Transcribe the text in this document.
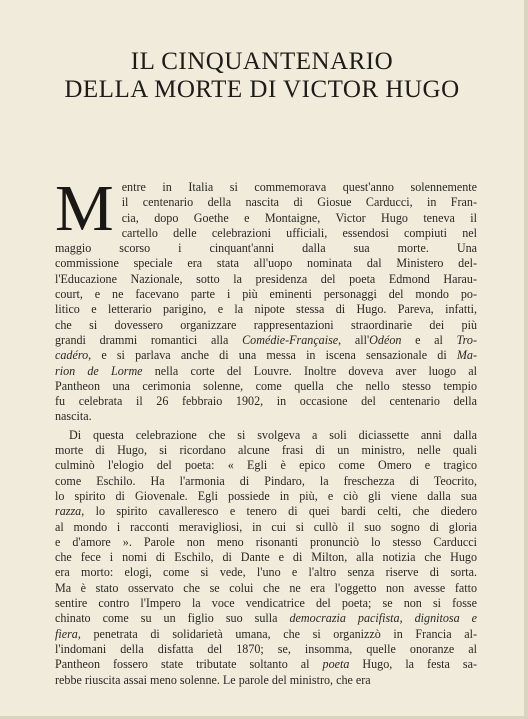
IL CINQUANTENARIO
DELLA MORTE DI VICTOR HUGO
M entre in Italia si commemorava quest'anno solennemente
il centenario della nascita di Giosue Carducci, in Fran-
cia, dopo Goethe e Montaigne, Victor Hugo teneva il
cartello delle celebrazioni ufficiali, essendosi compiuti nel
maggio scorso i cinquant'anni dalla sua morte. Una
commissione speciale era stata all'uopo nominata dal Ministero del-
l'Educazione Nazionale, sotto la presidenza del poeta Edmond Harau-
court, e ne facevano parte i più eminenti personaggi del mondo po-
litico e letterario parigino, e la nipote stessa di Hugo. Pareva, infatti,
che si dovessero organizzare rappresentazioni straordinarie dei più
grandi drammi romantici alla Comédie-Française, all'Odéon e al Tro-
cadéro, e si parlava anche di una messa in iscena sensazionale di Ma-
rion de Lorme nella corte del Louvre. Inoltre doveva aver luogo al
Pantheon una cerimonia solenne, come quella che nello stesso tempio
fu celebrata il 26 febbraio 1902, in occasione del centenario della
nascita.
Di questa celebrazione che si svolgeva a soli diciassette anni dalla
morte di Hugo, si ricordano alcune frasi di un ministro, nelle quali
culminò l'elogio del poeta: « Egli è epico come Omero e tragico
come Eschilo. Ha l'armonia di Pindaro, la freschezza di Teocrito,
lo spirito di Giovenale. Egli possiede in più, e ciò gli viene dalla sua
razza, lo spirito cavalleresco e tenero di quei bardi celti, che diedero
al mondo i racconti meravigliosi, in cui si cullò il suo sogno di gloria
e d'amore ». Parole non meno risonanti pronunciò lo stesso Carducci
che fece i nomi di Eschilo, di Dante e di Milton, alla notizia che Hugo
era morto: elogi, come si vede, l'uno e l'altro senza riserve di sorta.
Ma è stato osservato che se colui che ne era l'oggetto non avesse fatto
sentire contro l'Impero la voce vendicatrice del poeta; se non si fosse
chinato come su un figlio suo sulla democrazia pacifista, dignitosa e
fiera, penetrata di solidarietà umana, che si organizzò in Francia al-
l'indomani della disfatta del 1870; se, insomma, quelle onoranze al
Pantheon fossero state tributate soltanto al poeta Hugo, la festa sa-
rebbe riuscita assai meno solenne. Le parole del ministro, che era
